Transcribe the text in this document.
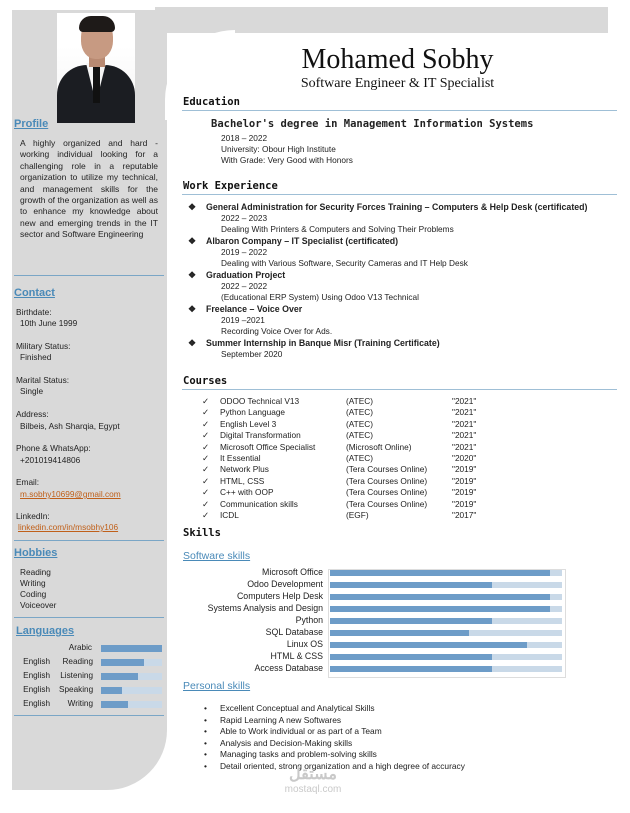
Profile
A highly organized and hard - working individual looking for a challenging role in a reputable organization to utilize my technical, and management skills for the growth of the organization as well as to enhance my knowledge about new and emerging trends in the IT sector and Software Engineering
Contact
Birthdate:
10th June 1999
Military Status:
Finished
Marital Status:
Single
Address:
Bilbeis, Ash Sharqia, Egypt
Phone & WhatsApp:
+201019414806
Email:
m.sobhy10699@gmail.com
LinkedIn:
linkedin.com/in/msobhy106
Hobbies
Reading
Writing
Coding
Voiceover
Languages
Arabic
English	Reading
English Listening
English Speaking
English	Writing
Mohamed Sobhy
Software Engineer & IT Specialist
Education
Bachelor's degree in Management Information Systems
2018 – 2022
University: Obour High Institute
With Grade: Very Good with Honors
Work Experience
❖ General Administration for Security Forces Training – Computers & Help Desk (certificated)
2022 – 2023
Dealing With Printers & Computers and Solving Their Problems
❖ Albaron Company – IT Specialist (certificated)
2019 – 2022
Dealing with Various Software, Security Cameras and IT Help Desk
❖ Graduation Project
2022 – 2022
(Educational ERP System) Using Odoo V13 Technical
❖ Freelance – Voice Over
2019 –2021
Recording Voice Over for Ads.
❖ Summer Internship in Banque Misr (Training Certificate)
September 2020
Courses
✓ ODOO Technical V13	(ATEC)	"2021"
✓ Python Language	(ATEC)	"2021"
✓ English Level 3	(ATEC)	"2021"
✓ Digital Transformation	(ATEC)	"2021"
✓ Microsoft Office Specialist	(Microsoft Online)	"2021"
✓ It Essential	(ATEC)	"2020"
✓ Network Plus	(Tera Courses Online)	"2019"
✓ HTML, CSS	(Tera Courses Online)	"2019"
✓ C++ with OOP	(Tera Courses Online)	"2019"
✓ Communication skills	(Tera Courses Online)	"2019"
✓ ICDL	(EGF)	"2017"
Skills
Software skills
Microsoft Office
Odoo Development
Computers Help Desk
Systems Analysis and Design
Python
SQL Database
Linux OS
HTML & CSS
Access Database
Personal skills
• Excellent Conceptual and Analytical Skills
• Rapid Learning A new Softwares
• Able to Work individual or as part of a Team
• Analysis and Decision-Making skills
• Managing tasks and problem-solving skills
• Detail oriented, strong organization and a high degree of accuracy
مستقل
mostaql.com
